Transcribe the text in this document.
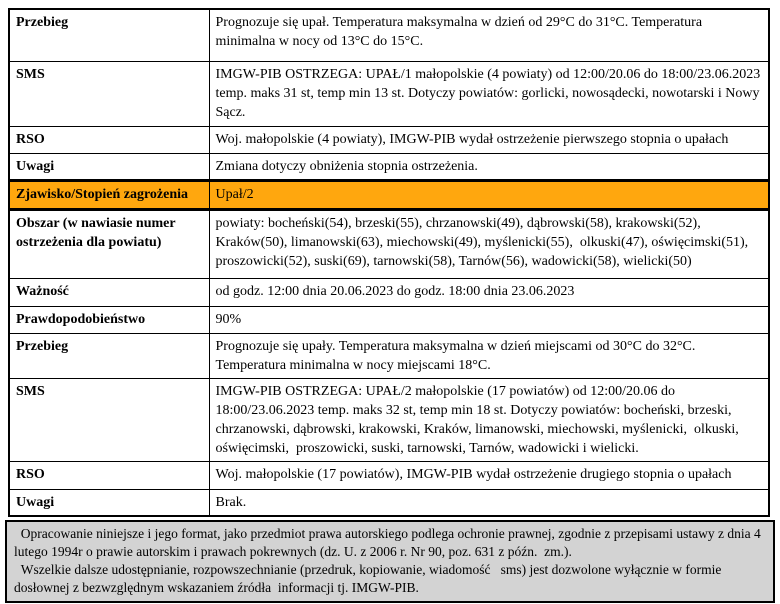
Przebieg	Prognozuje się upał. Temperatura maksymalna w dzień od 29°C do 31°C. Temperatura minimalna w nocy od 13°C do 15°C.
SMS	IMGW-PIB OSTRZEGA: UPAŁ/1 małopolskie (4 powiaty) od 12:00/20.06 do 18:00/23.06.2023 temp. maks 31 st, temp min 13 st. Dotyczy powiatów: gorlicki, nowosądecki, nowotarski i Nowy Sącz.
RSO	Woj. małopolskie (4 powiaty), IMGW-PIB wydał ostrzeżenie pierwszego stopnia o upałach
Uwagi	Zmiana dotyczy obniżenia stopnia ostrzeżenia.
Zjawisko/Stopień zagrożenia	Upał/2
Obszar (w nawiasie numer ostrzeżenia dla powiatu)	powiaty: bocheński(54), brzeski(55), chrzanowski(49), dąbrowski(58), krakowski(52), Kraków(50), limanowski(63), miechowski(49), myślenicki(55),  olkuski(47), oświęcimski(51), proszowicki(52), suski(69), tarnowski(58), Tarnów(56), wadowicki(58), wielicki(50)
Ważność	od godz. 12:00 dnia 20.06.2023 do godz. 18:00 dnia 23.06.2023
Prawdopodobieństwo	90%
Przebieg	Prognozuje się upały. Temperatura maksymalna w dzień miejscami od 30°C do 32°C. Temperatura minimalna w nocy miejscami 18°C.
SMS	IMGW-PIB OSTRZEGA: UPAŁ/2 małopolskie (17 powiatów) od 12:00/20.06 do 18:00/23.06.2023 temp. maks 32 st, temp min 18 st. Dotyczy powiatów: bocheński, brzeski, chrzanowski, dąbrowski, krakowski, Kraków, limanowski, miechowski, myślenicki,  olkuski, oświęcimski,  proszowicki, suski, tarnowski, Tarnów, wadowicki i wielicki.
RSO	Woj. małopolskie (17 powiatów), IMGW-PIB wydał ostrzeżenie drugiego stopnia o upałach
Uwagi	Brak.

Opracowanie niniejsze i jego format, jako przedmiot prawa autorskiego podlega ochronie prawnej, zgodnie z przepisami ustawy z dnia 4 lutego 1994r o prawie autorskim i prawach pokrewnych (dz. U. z 2006 r. Nr 90, poz. 631 z późn.  zm.).

Wszelkie dalsze udostępnianie, rozpowszechnianie (przedruk, kopiowanie, wiadomość   sms) jest dozwolone wyłącznie w formie dosłownej z bezwzględnym wskazaniem źródła  informacji tj. IMGW-PIB.
